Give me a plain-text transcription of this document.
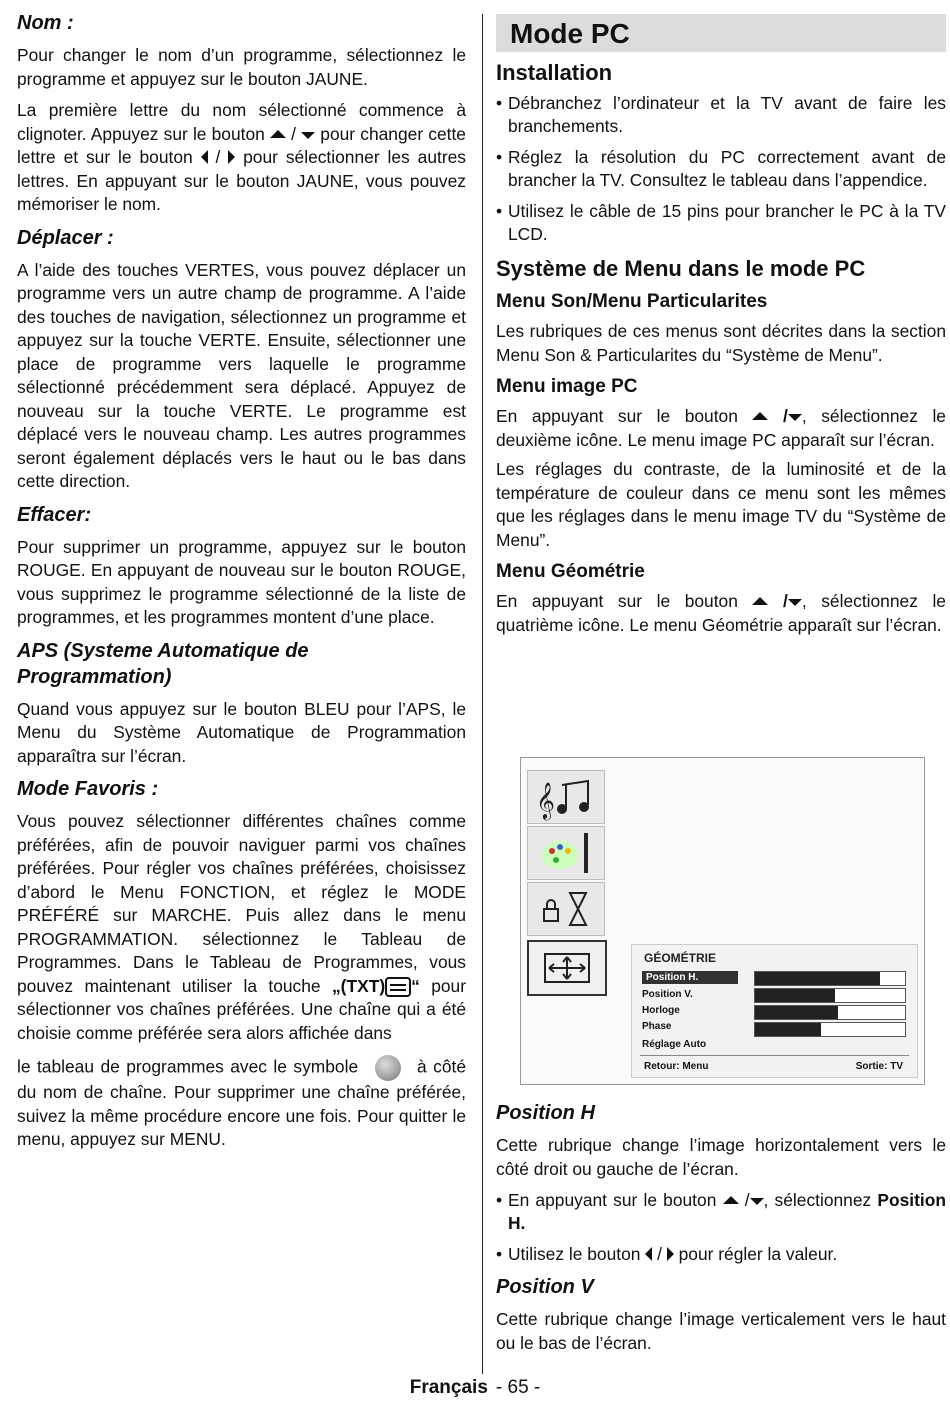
Nom :

Pour changer le nom d’un programme, sélectionnez le programme et appuyez sur le bouton JAUNE.

La première lettre du nom sélectionné commence à clignoter. Appuyez sur le bouton  /  pour changer cette lettre et sur le bouton  /  pour sélectionner les autres lettres. En appuyant sur le bouton JAUNE, vous pouvez mémoriser le nom.

Déplacer :

A l’aide des touches VERTES, vous pouvez déplacer un programme vers un autre champ de programme. A l’aide des touches de navigation, sélectionnez un programme et appuyez sur la touche VERTE. Ensuite, sélectionner une place de programme vers laquelle le programme sélectionné précédemment sera déplacé. Appuyez de nouveau sur la touche VERTE. Le programme est déplacé vers le nouveau champ. Les autres programmes seront également déplacés vers le haut ou le bas dans cette direction.

Effacer:

Pour supprimer un programme, appuyez sur le bouton ROUGE. En appuyant de nouveau sur le bouton ROUGE, vous supprimez le programme sélectionné de la liste de programmes, et les programmes montent d’une place.

APS (Systeme Automatique de Programmation)

Quand vous appuyez sur le bouton BLEU pour l’APS, le Menu du Système Automatique de Programmation apparaîtra sur l’écran.

Mode Favoris :

Vous pouvez sélectionner différentes chaînes comme préférées, afin de pouvoir naviguer parmi vos chaînes préférées. Pour régler vos chaînes préférées, choisissez d’abord le Menu FONCTION, et réglez le MODE PRÉFÉRÉ sur MARCHE. Puis allez dans le menu PROGRAMMATION. sélectionnez le Tableau de Programmes. Dans le Tableau de Programmes, vous pouvez maintenant utiliser la touche „(TXT) “ pour sélectionner vos chaînes préférées. Une chaîne qui a été choisie comme préférée sera alors affichée dans

le tableau de programmes avec le symbole	à côté du nom de chaîne. Pour supprimer une chaîne préférée, suivez la même procédure encore une fois. Pour quitter le menu, appuyez sur MENU.

Mode PC
Installation
• Débranchez l’ordinateur et la TV avant de faire les branchements.
• Réglez la résolution du PC correctement avant de brancher la TV. Consultez le tableau dans l’appendice.
• Utilisez le câble de 15 pins pour brancher le PC à la TV LCD.
Système de Menu dans le mode PC
Menu Son/Menu Particularites

Les rubriques de ces menus sont décrites dans la section Menu Son & Particularites du “Système de Menu”.

Menu image PC

En appuyant sur le bouton	/ , sélectionnez le deuxième icône. Le menu image PC apparaît sur l’écran.

Les réglages du contraste, de la luminosité et de la température de couleur dans ce menu sont les mêmes que les réglages dans le menu image TV du “Système de Menu”.

Menu Géométrie

En appuyant sur le bouton	/ , sélectionnez le quatrième icône. Le menu Géométrie apparaît sur l’écran.

𝄞
GÉOMÉTRIE
Position H.
Position V.
Horloge
Phase
Réglage Auto
Retour: Menu	Sortie: TV
Position H

Cette rubrique change l’image horizontalement vers le côté droit ou gauche de l’écran.

• En appuyant sur le bouton  / , sélectionnez Position H.
• Utilisez le bouton  /  pour régler la valeur.
Position V

Cette rubrique change l’image verticalement vers le haut ou le bas de l’écran.

Français - 65 -
